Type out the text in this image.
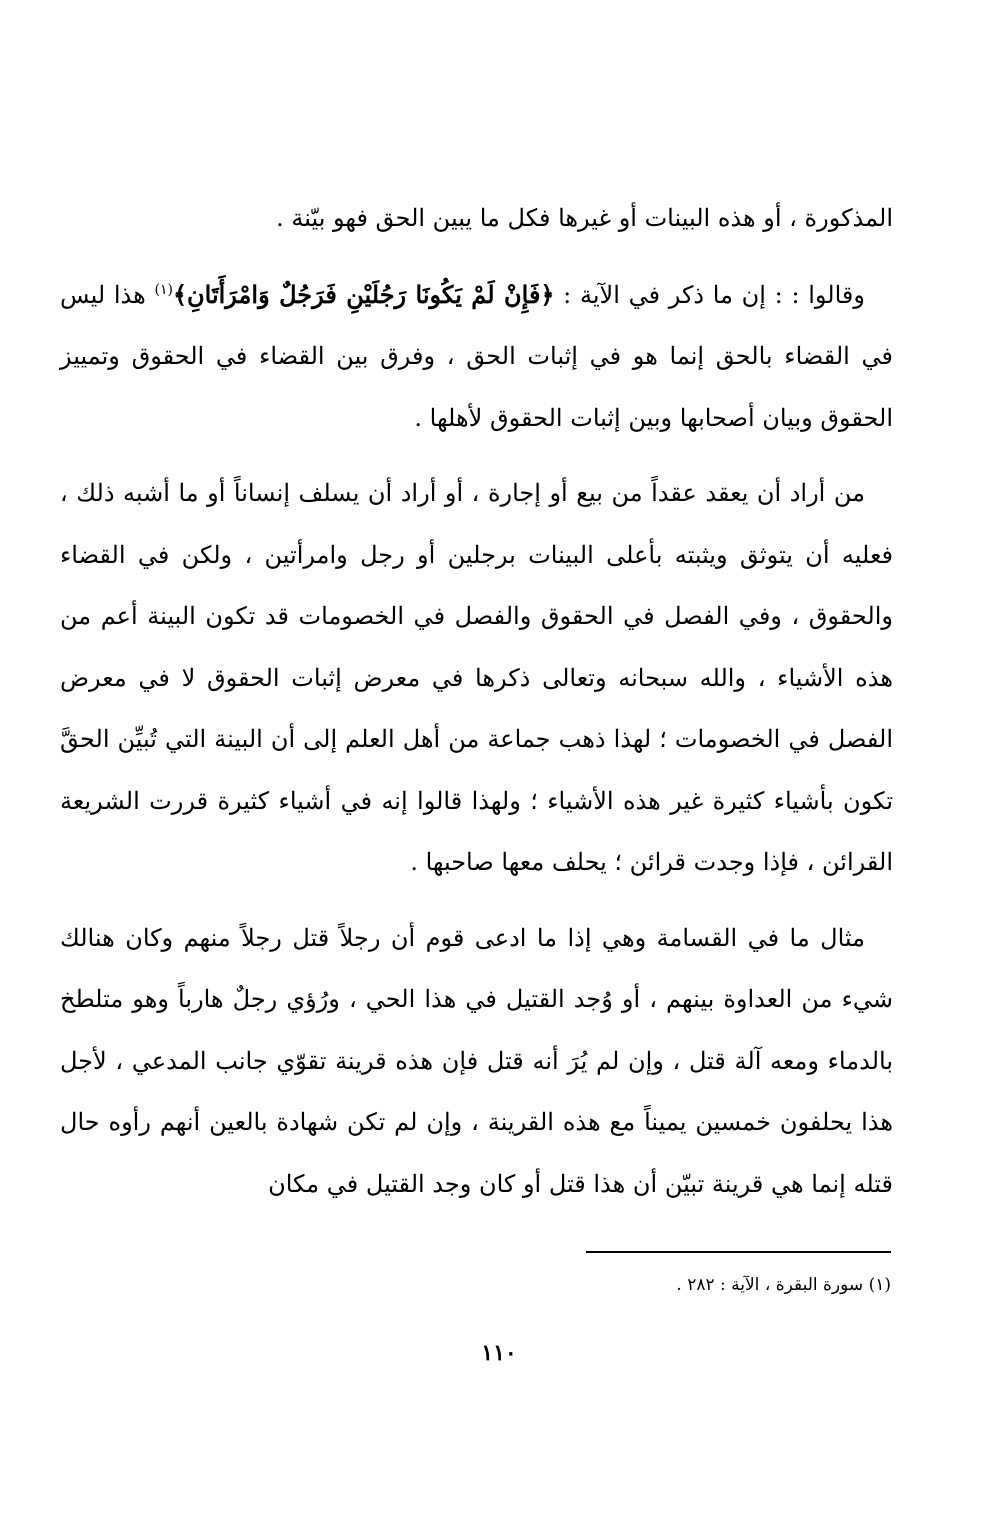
المذكورة ، أو هذه البينات أو غيرها فكل ما يبين الحق فهو بيّنة .

وقالوا : : إن ما ذكر في الآية : ﴿فَإِنْ لَمْ يَكُونَا رَجُلَيْنِ فَرَجُلٌ وَامْرَأَتَانِ﴾$^{(١)}$ هذا ليس في القضاء بالحق إنما هو في إثبات الحق ، وفرق بين القضاء في الحقوق وتمييز الحقوق وبيان أصحابها وبين إثبات الحقوق لأهلها .

من أراد أن يعقد عقداً من بيع أو إجارة ، أو أراد أن يسلف إنساناً أو ما أشبه ذلك ، فعليه أن يتوثق ويثبته بأعلى البينات برجلين أو رجل وامرأتين ، ولكن في القضاء والحقوق ، وفي الفصل في الحقوق والفصل في الخصومات قد تكون البينة أعم من هذه الأشياء ، والله سبحانه وتعالى ذكرها في معرض إثبات الحقوق لا في معرض الفصل في الخصومات ؛ لهذا ذهب جماعة من أهل العلم إلى أن البينة التي تُبيِّن الحقَّ تكون بأشياء كثيرة غير هذه الأشياء ؛ ولهذا قالوا إنه في أشياء كثيرة قررت الشريعة القرائن ، فإذا وجدت قرائن ؛ يحلف معها صاحبها .

مثال ما في القسامة وهي إذا ما ادعى قوم أن رجلاً قتل رجلاً منهم وكان هنالك شيء من العداوة بينهم ، أو وُجد القتيل في هذا الحي ، ورُؤي رجلٌ هارباً وهو متلطخ بالدماء ومعه آلة قتل ، وإن لم يُرَ أنه قتل فإن هذه قرينة تقوّي جانب المدعي ، لأجل هذا يحلفون خمسين يميناً مع هذه القرينة ، وإن لم تكن شهادة بالعين أنهم رأوه حال قتله إنما هي قرينة تبيّن أن هذا قتل أو كان وجد القتيل في مكان

(١) سورة البقرة ، الآية : ٢٨٢ .
١١٠
